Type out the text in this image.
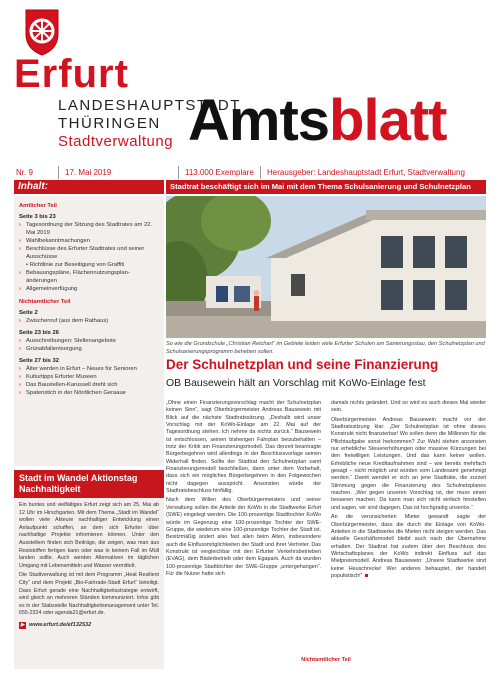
Erfurt
LANDESHAUPTSTADT
THÜRINGEN
Stadtverwaltung Amtsblatt
Nr. 9	17. Mai 2019	113.000 Exemplare	Herausgeber: Landeshauptstadt Erfurt, Stadtverwaltung
Inhalt:	Stadtrat beschäftigt sich im Mai mit dem Thema Schulsanierung und Schulnetzplan
Amtlicher Teil
Seite 3 bis 23
› Tagesordnung der Sitzung des Stadtrates am 22. Mai 2019
› Wahlbekanntmachungen
› Beschlüsse des Erfurter Stadtrates und seiner Ausschüsse
• Richtlinie zur Beseitigung von Graffiti
› Bebauungspläne, Flächennutzungsplan-änderungen
› Allgemeinverfügung
Nichtamtlicher Teil
Seite 2
› Zwischenruf (aus dem Rathaus)
Seite 23 bis 26
› Ausschreibungen: Stellenangebote
› Grünabfallentsorgung
Seite 27 bis 32
› Älter werden in Erfurt – Neues für Senioren
› Kulturtipps Erfurter Museen
› Das Baustellen-Karussell dreht sich
› Spatenstich in der Nördlichen Geraaue
Stadt im Wandel Aktionstag Nachhaltigkeit

Ein buntes und vielfältiges Erfurt zeigt sich am 25. Mai ab 12 Uhr im Hirschgarten. Mit dem Thema „Stadt im Wandel“ wollen viele Akteure nachhaltiger Entwicklung einen Anlaufpunkt schaffen, an dem sich Erfurter über nachhaltige Projekte informieren können. Unter den Ausstellern finden sich Beiträge, die zeigen, was man aus Reststoffen fertigen kann oder was in keinem Fall im Müll landen sollte. Auch werden Alternativen im täglichen Umgang mit Lebensmitteln und Wasser vermittelt.

Die Stadtverwaltung ist mit dem Programm „Heat Resilient City“ und dem Projekt „Bio-Fairtrade-Stadt Erfurt“ beteiligt. Dass Erfurt gerade eine Nachhaltigkeitsstrategie entwirft, wird gleich an mehreren Ständen kommuniziert. Infos gibt es in der Stabsstelle Nachhaltigkeitsmanagement unter Tel. 655-2324 oder agenda21@erfurt.de.

▶ www.erfurt.de/ef132532
So wie die Grundschule „Christian Reichart“ im Gebiete leiden viele Erfurter Schulen am Sanierungsstau, den Schulnetzplan und Schulsanierungsprogramm beheben sollen.
Der Schulnetzplan und seine Finanzierung
OB Bausewein hält an Vorschlag mit KoWo-Einlage fest

„Ohne einen Finanzierungsvorschlag macht der Schulnetzplan keinen Sinn“, sagt Oberbürgermeister Andreas Bausewein mit Blick auf die nächste Stadtratssitzung. „Deshalb wird unser Vorschlag mit der KoWo-Einlage am 22. Mai auf der Tagesordnung stehen. Ich nehme da nichts zurück.“ Bausewein ist entschlossen, seinen bisherigen Fahrplan beizubehalten – trotz der Kritik am Finanzierungsmodell. Das derzeit beantragte Bürgerbegehren wird allerdings in der Beschlussvorlage seinen Widerhall finden. Sollte der Stadtrat den Schulnetzplan samt Finanzierungsmodell beschließen, dann unter dem Vorbehalt, dass sich ein mögliches Bürgerbegehren in den Folgewochen nicht dagegen ausspricht. Ansonsten würde der Stadtratsbeschluss hinfällig.

Nach dem Willen des Oberbürgermeisters und seiner Verwaltung sollen die Anteile der KoWo in die Stadtwerke Erfurt (SWE) eingelegt werden. Die 100-prozentige Stadttochter KoWo würde im Gegenzug eine 100-prozentige Tochter der SWE-Gruppe, die wiederum eine 100-prozentige Tochter der Stadt ist. Besitzmäßig ändert also fast allen beim Alten, insbesondere auch die Einflussmöglichkeiten der Stadt und ihrer Vertreter. Das Konstrukt ist vergleichbar mit den Erfurter Verkehrsbetrieben (EVAG), dem Bäderbetrieb oder dem Egapark. Auch da wurden 100-prozentige Stadttöchter der SWE-Gruppe „untergehangen“. Für die Nutzer hatte sich

damals nichts geändert. Und so wird es auch dieses Mal wieder sein.

Oberbürgermeister Andreas Bausewein macht vor der Stadtratssitzung klar: „Der Schulnetzplan ist ohne dieses Konstrukt nicht finanzierbar! Wo sollen denn die Millionen für die Pflichtaufgabe sonst herkommen? Zur Wahl stehen ansonsten nur erhebliche Steuererhöhungen oder massive Kürzungen bei den freiwilligen Leistungen. Und das kann keiner wollen. Erhebliche neue Kreditaufnahmen sind – wie bereits mehrfach gesagt – nicht möglich und würden vom Landesamt genehmigt werden.“ Damit wendet er sich an jene Stadträte, die zurzeit Stimmung gegen die Finanzierung des Schulnetzplanes machen. „Wer gegen unseren Vorschlag ist, der muss einen besseren machen. Da kann man sich nicht einfach hinstellen und sagen, wir sind dagegen. Das ist hochgradig unseriös.“

An die verunsicherten Mieter gewandt sagte der Oberbürgermeister, dass die durch die Einlage von KoWo-Anteilen in die Stadtwerke die Mieten nicht steigen werden. Das aktuelle Geschäftsmodell bleibt auch nach der Übernahme erhalten. Der Stadtrat hat zudem über den Beschluss des Wirtschaftsplanes der KoWo indirekt Einfluss auf das Mietpreismodell. Andreas Bausewein: „Unsere Stadtwerke sind keine Heuschrecke! Wer anderes behauptet, der handelt populistisch!“

Nichtamtlicher Teil
